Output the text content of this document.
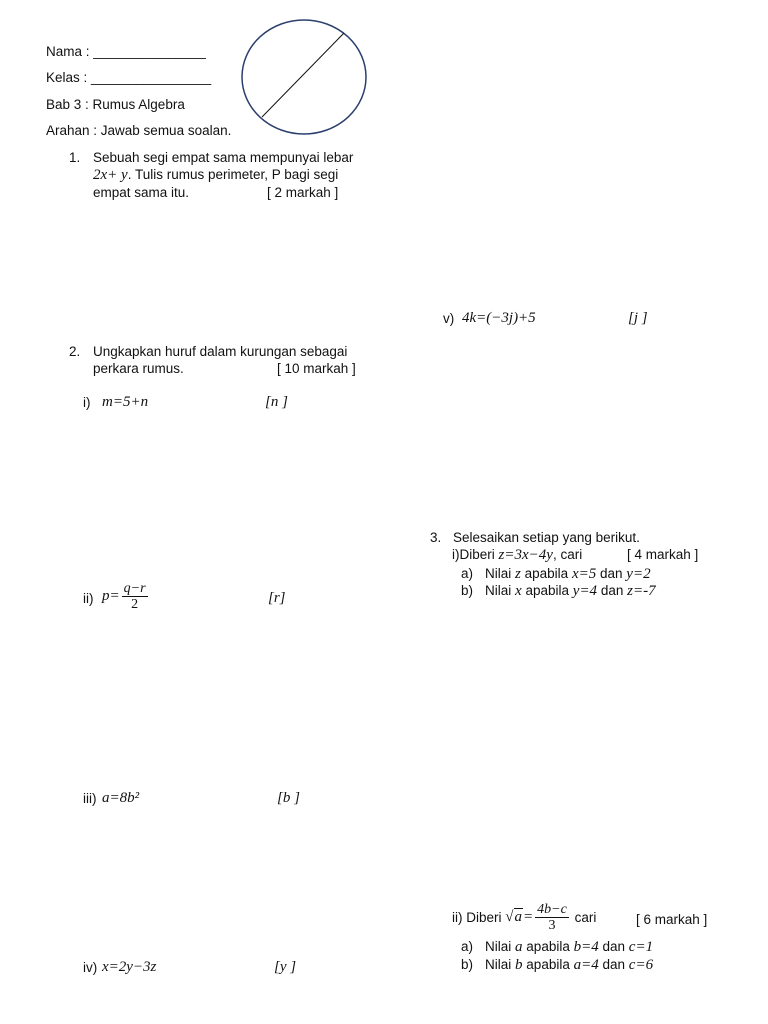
Nama : _______________
Kelas : ________________
Bab 3 : Rumus Algebra
Arahan : Jawab semua soalan.
1. Sebuah segi empat sama mempunyai lebar
2x+ y. Tulis rumus perimeter, P bagi segi
empat sama itu.	[ 2 markah ]
2. Ungkapkan huruf dalam kurungan sebagai
perkara rumus.	[ 10 markah ]
i) m=5+n	[n ]
ii) $p= \frac{q-r}{2}$	[r]
iii) a=8b²	[b ]
iv) x=2y−3z	[y ]
v) 4k=(−3j)+5	[j ]
3. Selesaikan setiap yang berikut.
i)Diberi z=3x−4y, cari	[ 4 markah ]
a) Nilai z apabila x=5 dan y=2
b) Nilai x apabila y=4 dan z=-7
ii) Diberi $√a= \frac{4b-c}{3}$ cari	[ 6 markah ]
a) Nilai a apabila b=4 dan c=1
b) Nilai b apabila a=4 dan c=6
